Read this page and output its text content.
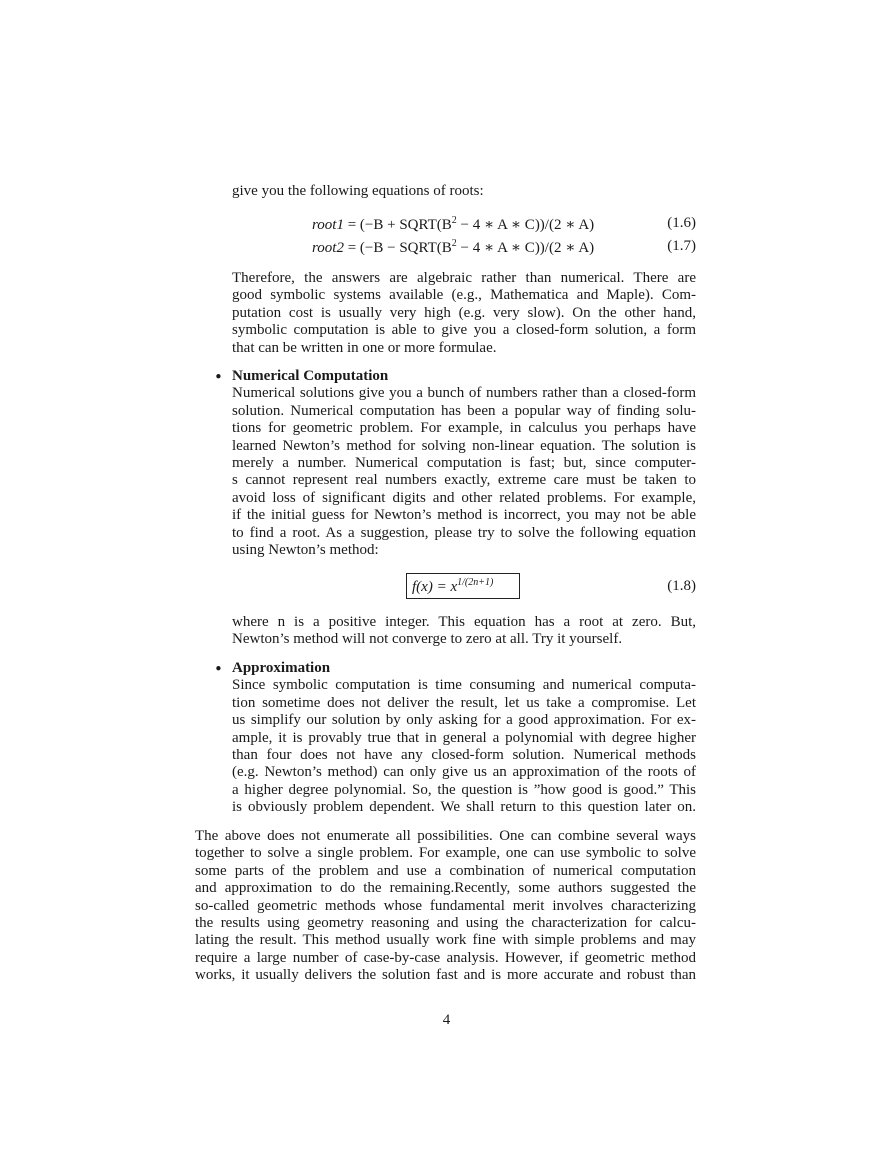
give you the following equations of roots:
root1 = ($-B + SQRT(B^2 - 4$ ∗ A ∗ C))/(2 ∗ A)	(1.6)
root2 = ($-B - SQRT(B^2 - 4$ ∗ A ∗ C))/(2 ∗ A)	(1.7)
Therefore, the answers are algebraic rather than numerical. There are
good symbolic systems available (e.g., Mathematica and Maple). Com-
putation cost is usually very high (e.g. very slow). On the other hand,
symbolic computation is able to give you a closed-form solution, a form
that can be written in one or more formulae.
• Numerical Computation
Numerical solutions give you a bunch of numbers rather than a closed-form
solution. Numerical computation has been a popular way of finding solu-
tions for geometric problem. For example, in calculus you perhaps have
learned Newton’s method for solving non-linear equation. The solution is
merely a number. Numerical computation is fast; but, since computer-
s cannot represent real numbers exactly, extreme care must be taken to
avoid loss of significant digits and other related problems. For example,
if the initial guess for Newton’s method is incorrect, you may not be able
to find a root. As a suggestion, please try to solve the following equation
using Newton’s method:
$f(x) = x^{1/(2n+1)}$	(1.8)
where n is a positive integer. This equation has a root at zero. But,
Newton’s method will not converge to zero at all. Try it yourself.
• Approximation
Since symbolic computation is time consuming and numerical computa-
tion sometime does not deliver the result, let us take a compromise. Let
us simplify our solution by only asking for a good approximation. For ex-
ample, it is provably true that in general a polynomial with degree higher
than four does not have any closed-form solution. Numerical methods
(e.g. Newton’s method) can only give us an approximation of the roots of
a higher degree polynomial. So, the question is ”how good is good.” This
is obviously problem dependent. We shall return to this question later on.
The above does not enumerate all possibilities. One can combine several ways
together to solve a single problem. For example, one can use symbolic to solve
some parts of the problem and use a combination of numerical computation
and approximation to do the remaining.Recently, some authors suggested the
so-called geometric methods whose fundamental merit involves characterizing
the results using geometry reasoning and using the characterization for calcu-
lating the result. This method usually work fine with simple problems and may
require a large number of case-by-case analysis. However, if geometric method
works, it usually delivers the solution fast and is more accurate and robust than
4
